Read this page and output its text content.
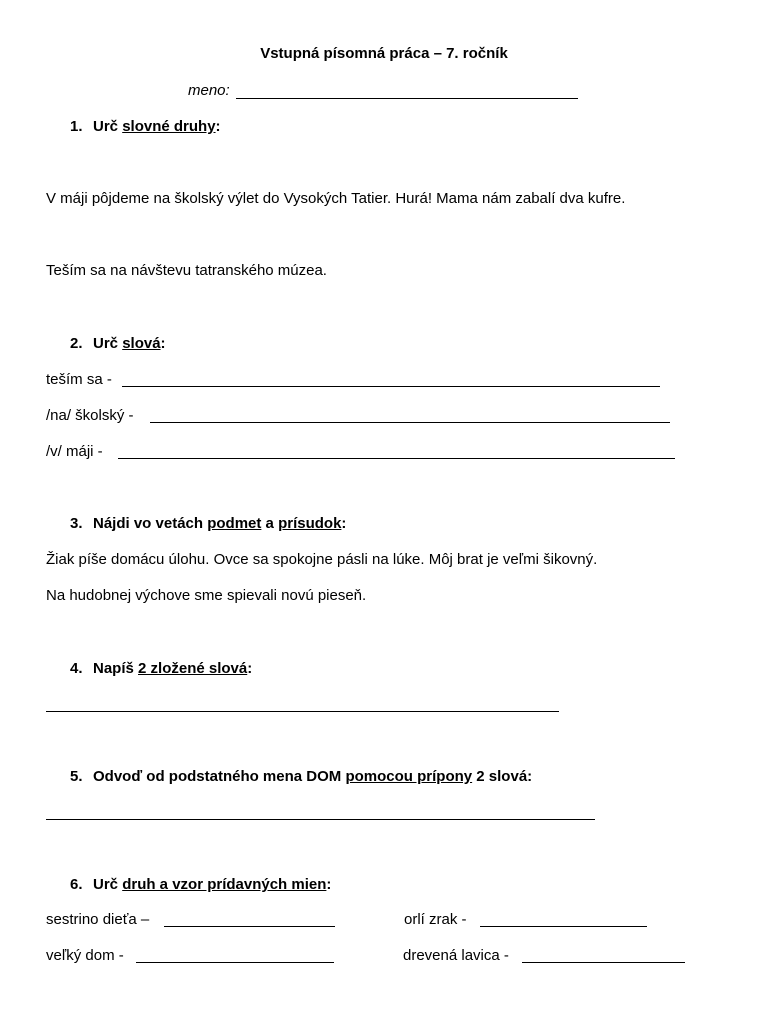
Vstupná písomná práca – 7. ročník
meno:
1. Urč slovné druhy:
V máji pôjdeme na školský výlet do Vysokých Tatier. Hurá! Mama nám zabalí dva kufre.
Teším sa na návštevu tatranského múzea.
2. Urč slová:
teším sa -
/na/ školský -
/v/ máji -
3. Nájdi vo vetách podmet a prísudok:
Žiak píše domácu úlohu. Ovce sa spokojne pásli na lúke. Môj brat je veľmi šikovný.
Na hudobnej výchove sme spievali novú pieseň.
4. Napíš 2 zložené slová:
5. Odvoď od podstatného mena DOM pomocou prípony 2 slová:
6. Urč druh a vzor prídavných mien:
sestrino dieťa –	orlí zrak -
veľký dom -	drevená lavica -
